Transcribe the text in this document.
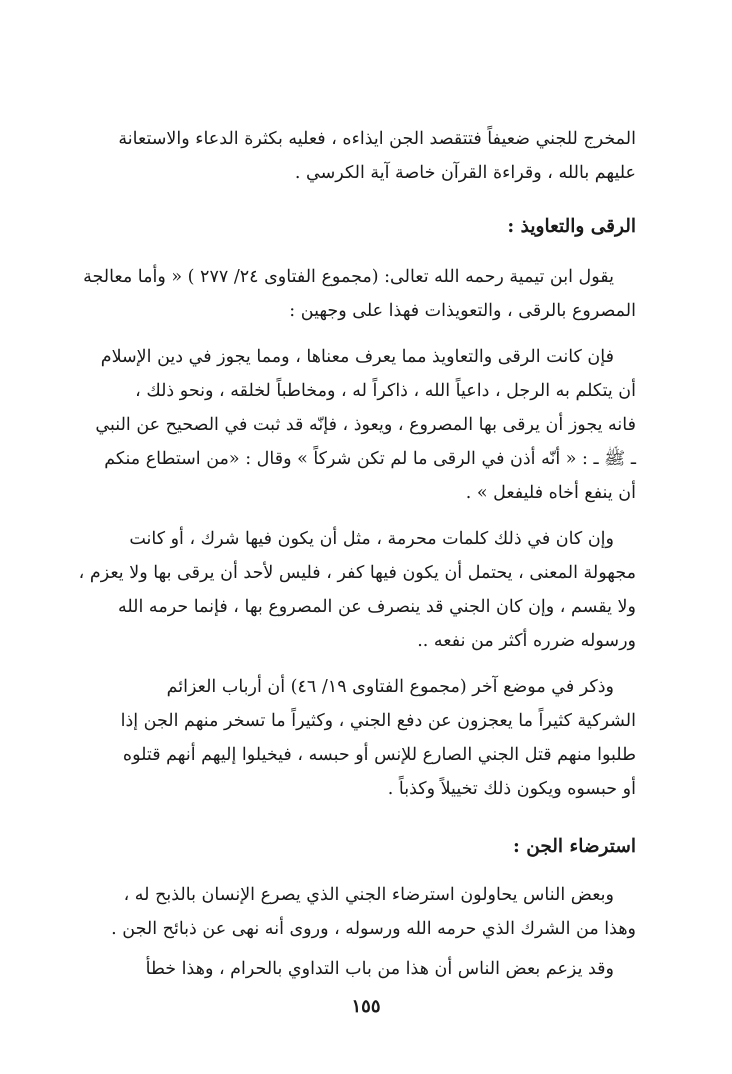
المخرج للجني ضعيفاً فتتقصد الجن ايذاءه ، فعليه بكثرة الدعاء والاستعانة
عليهم بالله ، وقراءة القرآن خاصة آية الكرسي .
الرقى والتعاويذ :
يقول ابن تيمية رحمه الله تعالى: (مجموع الفتاوى ٢٤/ ٢٧٧ ) « وأما معالجة
المصروع بالرقى ، والتعويذات فهذا على وجهين :
فإن كانت الرقى والتعاويذ مما يعرف معناها ، ومما يجوز في دين الإسلام
أن يتكلم به الرجل ، داعياً الله ، ذاكراً له ، ومخاطباً لخلقه ، ونحو ذلك ،
فانه يجوز أن يرقى بها المصروع ، ويعوذ ، فإنّه قد ثبت في الصحيح عن النبي
ـ ﷺ ـ : « أنّه أذن في الرقى ما لم تكن شركاً » وقال : «من استطاع منكم
أن ينفع أخاه فليفعل » .
وإن كان في ذلك كلمات محرمة ، مثل أن يكون فيها شرك ، أو كانت
مجهولة المعنى ، يحتمل أن يكون فيها كفر ، فليس لأحد أن يرقى بها ولا يعزم ،
ولا يقسم ، وإن كان الجني قد ينصرف عن المصروع بها ، فإنما حرمه الله
ورسوله ضرره أكثر من نفعه ..
وذكر في موضع آخر (مجموع الفتاوى ١٩/ ٤٦) أن أرباب العزائم
الشركية كثيراً ما يعجزون عن دفع الجني ، وكثيراً ما تسخر منهم الجن إذا
طلبوا منهم قتل الجني الصارع للإنس أو حبسه ، فيخيلوا إليهم أنهم قتلوه
أو حبسوه ويكون ذلك تخييلاً وكذباً .
استرضاء الجن :
وبعض الناس يحاولون استرضاء الجني الذي يصرع الإنسان بالذبح له ،
وهذا من الشرك الذي حرمه الله ورسوله ، وروى أنه نهى عن ذبائح الجن .
وقد يزعم بعض الناس أن هذا من باب التداوي بالحرام ، وهذا خطأ
١٥٥
